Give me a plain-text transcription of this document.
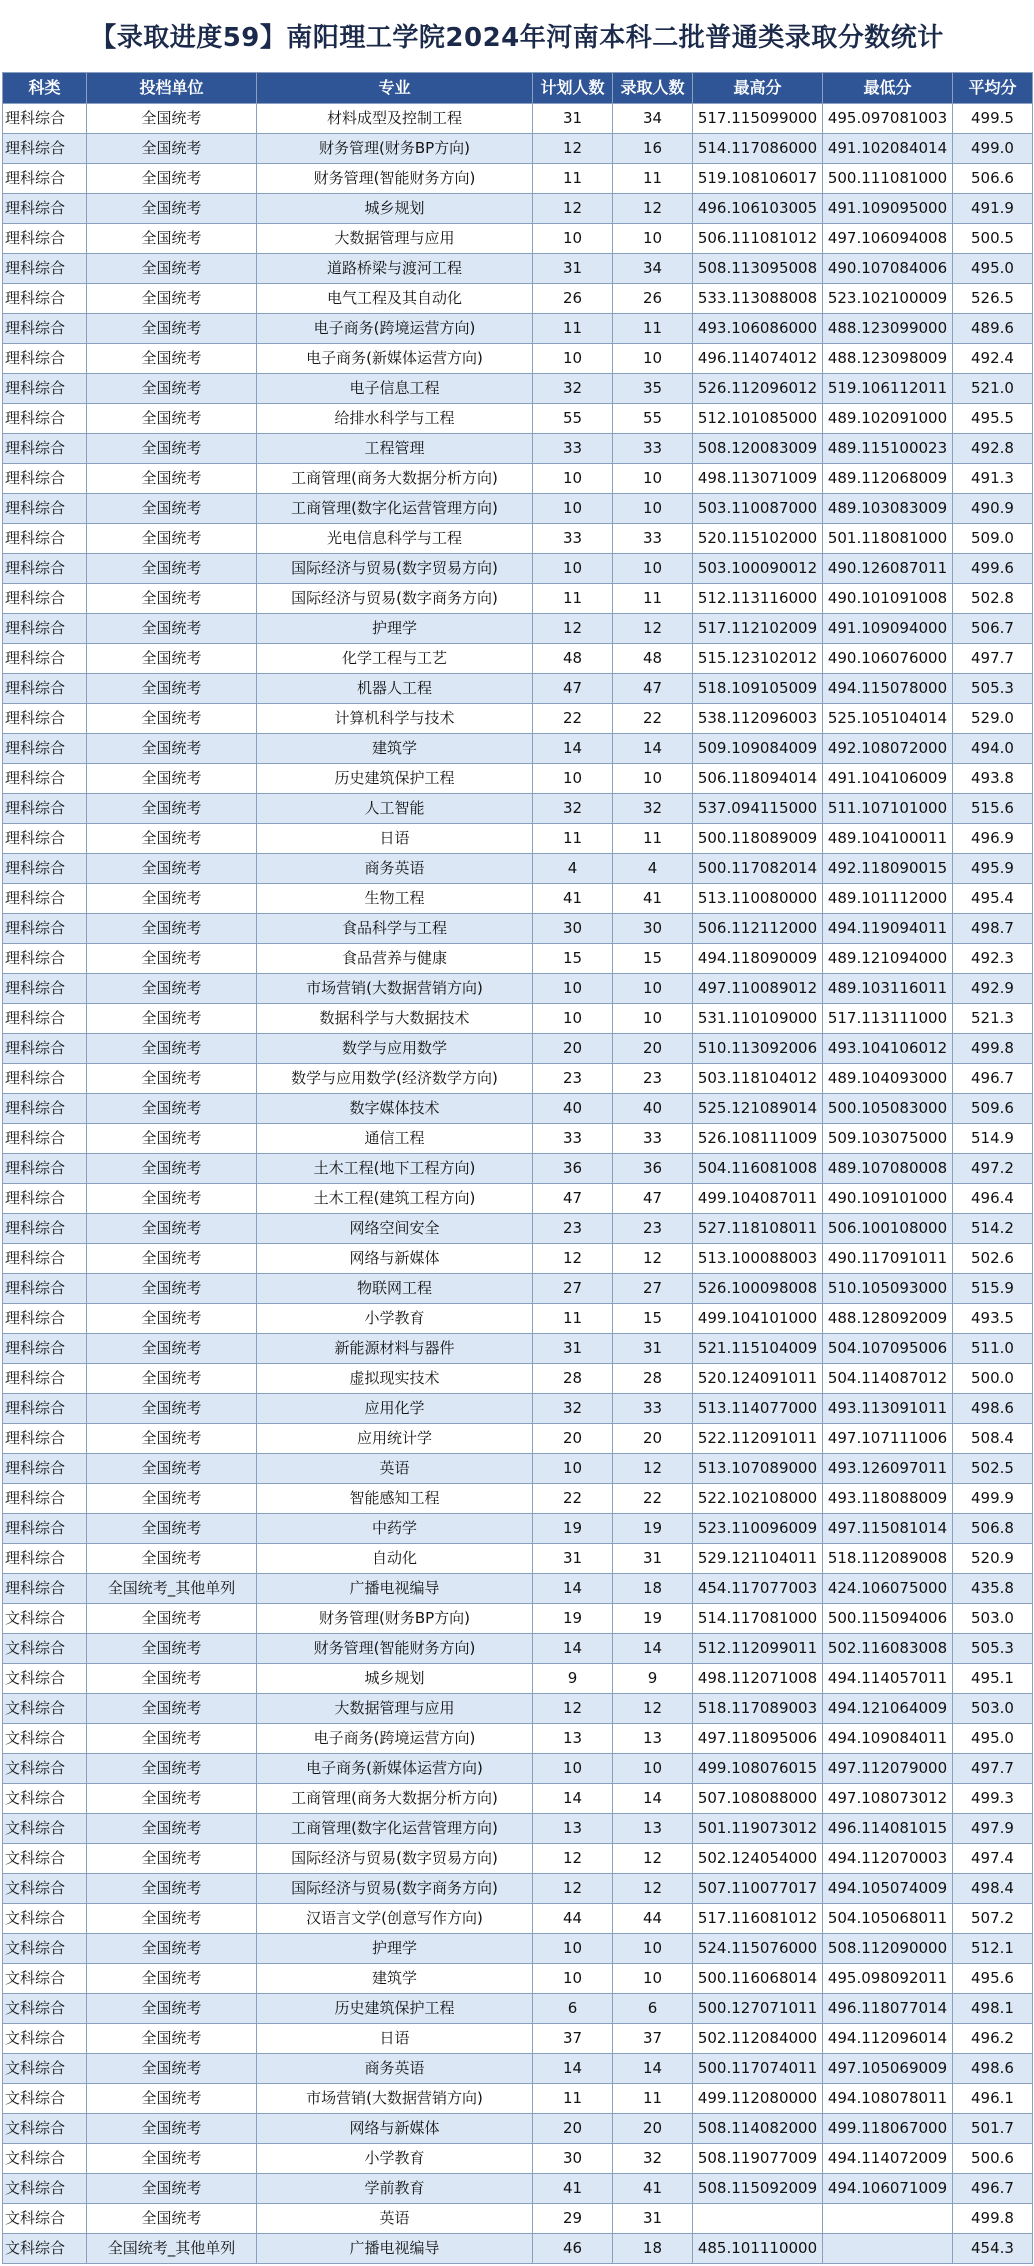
【录取进度59】南阳理工学院2024年河南本科二批普通类录取分数统计
科类	投档单位	专业	计划人数	录取人数	最高分	最低分	平均分
理科综合	全国统考	材料成型及控制工程	31	34	517.115099000	495.097081003	499.5
理科综合	全国统考	财务管理(财务BP方向)	12	16	514.117086000	491.102084014	499.0
理科综合	全国统考	财务管理(智能财务方向)	11	11	519.108106017	500.111081000	506.6
理科综合	全国统考	城乡规划	12	12	496.106103005	491.109095000	491.9
理科综合	全国统考	大数据管理与应用	10	10	506.111081012	497.106094008	500.5
理科综合	全国统考	道路桥梁与渡河工程	31	34	508.113095008	490.107084006	495.0
理科综合	全国统考	电气工程及其自动化	26	26	533.113088008	523.102100009	526.5
理科综合	全国统考	电子商务(跨境运营方向)	11	11	493.106086000	488.123099000	489.6
理科综合	全国统考	电子商务(新媒体运营方向)	10	10	496.114074012	488.123098009	492.4
理科综合	全国统考	电子信息工程	32	35	526.112096012	519.106112011	521.0
理科综合	全国统考	给排水科学与工程	55	55	512.101085000	489.102091000	495.5
理科综合	全国统考	工程管理	33	33	508.120083009	489.115100023	492.8
理科综合	全国统考	工商管理(商务大数据分析方向)	10	10	498.113071009	489.112068009	491.3
理科综合	全国统考	工商管理(数字化运营管理方向)	10	10	503.110087000	489.103083009	490.9
理科综合	全国统考	光电信息科学与工程	33	33	520.115102000	501.118081000	509.0
理科综合	全国统考	国际经济与贸易(数字贸易方向)	10	10	503.100090012	490.126087011	499.6
理科综合	全国统考	国际经济与贸易(数字商务方向)	11	11	512.113116000	490.101091008	502.8
理科综合	全国统考	护理学	12	12	517.112102009	491.109094000	506.7
理科综合	全国统考	化学工程与工艺	48	48	515.123102012	490.106076000	497.7
理科综合	全国统考	机器人工程	47	47	518.109105009	494.115078000	505.3
理科综合	全国统考	计算机科学与技术	22	22	538.112096003	525.105104014	529.0
理科综合	全国统考	建筑学	14	14	509.109084009	492.108072000	494.0
理科综合	全国统考	历史建筑保护工程	10	10	506.118094014	491.104106009	493.8
理科综合	全国统考	人工智能	32	32	537.094115000	511.107101000	515.6
理科综合	全国统考	日语	11	11	500.118089009	489.104100011	496.9
理科综合	全国统考	商务英语	4	4	500.117082014	492.118090015	495.9
理科综合	全国统考	生物工程	41	41	513.110080000	489.101112000	495.4
理科综合	全国统考	食品科学与工程	30	30	506.112112000	494.119094011	498.7
理科综合	全国统考	食品营养与健康	15	15	494.118090009	489.121094000	492.3
理科综合	全国统考	市场营销(大数据营销方向)	10	10	497.110089012	489.103116011	492.9
理科综合	全国统考	数据科学与大数据技术	10	10	531.110109000	517.113111000	521.3
理科综合	全国统考	数学与应用数学	20	20	510.113092006	493.104106012	499.8
理科综合	全国统考	数学与应用数学(经济数学方向)	23	23	503.118104012	489.104093000	496.7
理科综合	全国统考	数字媒体技术	40	40	525.121089014	500.105083000	509.6
理科综合	全国统考	通信工程	33	33	526.108111009	509.103075000	514.9
理科综合	全国统考	土木工程(地下工程方向)	36	36	504.116081008	489.107080008	497.2
理科综合	全国统考	土木工程(建筑工程方向)	47	47	499.104087011	490.109101000	496.4
理科综合	全国统考	网络空间安全	23	23	527.118108011	506.100108000	514.2
理科综合	全国统考	网络与新媒体	12	12	513.100088003	490.117091011	502.6
理科综合	全国统考	物联网工程	27	27	526.100098008	510.105093000	515.9
理科综合	全国统考	小学教育	11	15	499.104101000	488.128092009	493.5
理科综合	全国统考	新能源材料与器件	31	31	521.115104009	504.107095006	511.0
理科综合	全国统考	虚拟现实技术	28	28	520.124091011	504.114087012	500.0
理科综合	全国统考	应用化学	32	33	513.114077000	493.113091011	498.6
理科综合	全国统考	应用统计学	20	20	522.112091011	497.107111006	508.4
理科综合	全国统考	英语	10	12	513.107089000	493.126097011	502.5
理科综合	全国统考	智能感知工程	22	22	522.102108000	493.118088009	499.9
理科综合	全国统考	中药学	19	19	523.110096009	497.115081014	506.8
理科综合	全国统考	自动化	31	31	529.121104011	518.112089008	520.9
理科综合	全国统考_其他单列	广播电视编导	14	18	454.117077003	424.106075000	435.8
文科综合	全国统考	财务管理(财务BP方向)	19	19	514.117081000	500.115094006	503.0
文科综合	全国统考	财务管理(智能财务方向)	14	14	512.112099011	502.116083008	505.3
文科综合	全国统考	城乡规划	9	9	498.112071008	494.114057011	495.1
文科综合	全国统考	大数据管理与应用	12	12	518.117089003	494.121064009	503.0
文科综合	全国统考	电子商务(跨境运营方向)	13	13	497.118095006	494.109084011	495.0
文科综合	全国统考	电子商务(新媒体运营方向)	10	10	499.108076015	497.112079000	497.7
文科综合	全国统考	工商管理(商务大数据分析方向)	14	14	507.108088000	497.108073012	499.3
文科综合	全国统考	工商管理(数字化运营管理方向)	13	13	501.119073012	496.114081015	497.9
文科综合	全国统考	国际经济与贸易(数字贸易方向)	12	12	502.124054000	494.112070003	497.4
文科综合	全国统考	国际经济与贸易(数字商务方向)	12	12	507.110077017	494.105074009	498.4
文科综合	全国统考	汉语言文学(创意写作方向)	44	44	517.116081012	504.105068011	507.2
文科综合	全国统考	护理学	10	10	524.115076000	508.112090000	512.1
文科综合	全国统考	建筑学	10	10	500.116068014	495.098092011	495.6
文科综合	全国统考	历史建筑保护工程	6	6	500.127071011	496.118077014	498.1
文科综合	全国统考	日语	37	37	502.112084000	494.112096014	496.2
文科综合	全国统考	商务英语	14	14	500.117074011	497.105069009	498.6
文科综合	全国统考	市场营销(大数据营销方向)	11	11	499.112080000	494.108078011	496.1
文科综合	全国统考	网络与新媒体	20	20	508.114082000	499.118067000	501.7
文科综合	全国统考	小学教育	30	32	508.119077009	494.114072009	500.6
文科综合	全国统考	学前教育	41	41	508.115092009	494.106071009	496.7
文科综合	全国统考	英语	29	31			499.8
文科综合	全国统考_其他单列	广播电视编导	46	18	485.101110000		454.3
